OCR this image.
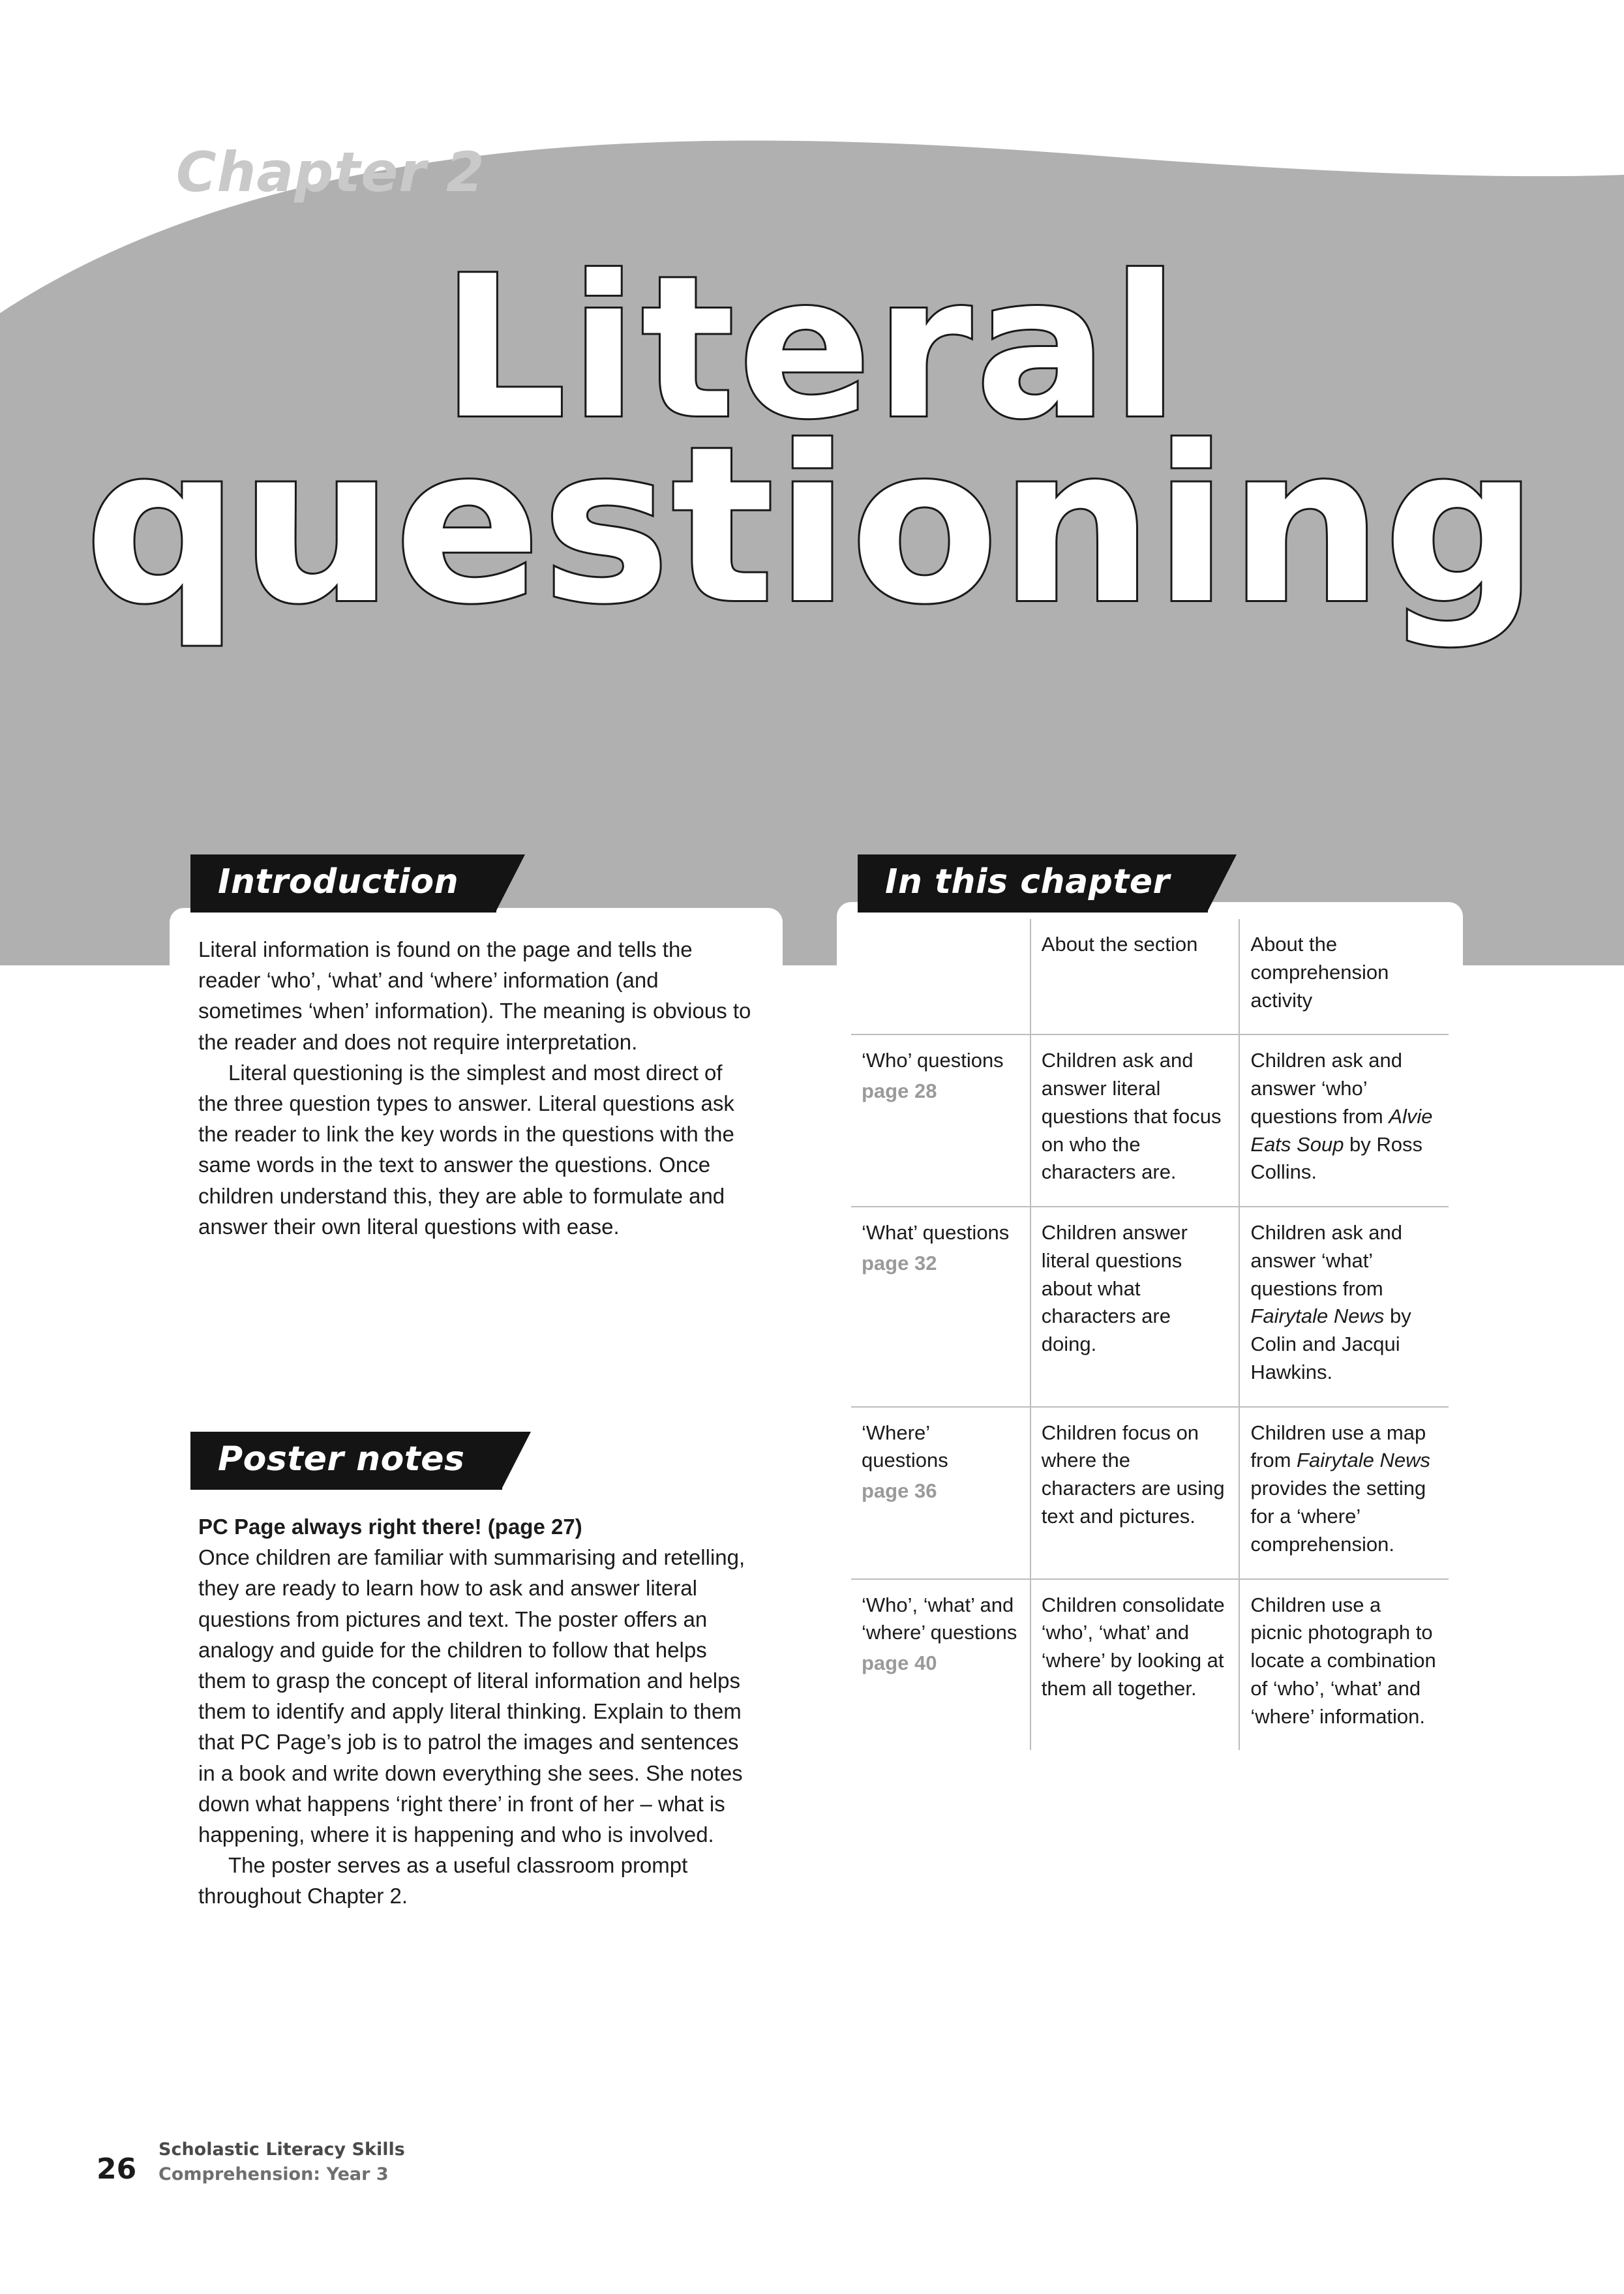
Chapter 2
Literal
questioning
Introduction

Literal information is found on the page and tells the reader ‘who’, ‘what’ and ‘where’ information (and sometimes ‘when’ information). The meaning is obvious to the reader and does not require interpretation.

Literal questioning is the simplest and most direct of the three question types to answer. Literal questions ask the reader to link the key words in the questions with the same words in the text to answer the questions. Once children understand this, they are able to formulate and answer their own literal questions with ease.

Poster notes

PC Page always right there! (page 27)

Once children are familiar with summarising and retelling, they are ready to learn how to ask and answer literal questions from pictures and text. The poster offers an analogy and guide for the children to follow that helps them to grasp the concept of literal information and helps them to identify and apply literal thinking. Explain to them that PC Page’s job is to patrol the images and sentences in a book and write down everything she sees. She notes down what happens ‘right there’ in front of her – what is happening, where it is happening and who is involved.

The poster serves as a useful classroom prompt throughout Chapter 2.

In this chapter
	About the section	About the comprehension activity
‘Who’ questions
page 28	Children ask and answer literal questions that focus on who the characters are.	Children ask and answer ‘who’ questions from Alvie Eats Soup by Ross Collins.
‘What’ questions
page 32	Children answer literal questions about what characters are doing.	Children ask and answer ‘what’ questions from Fairytale News by Colin and Jacqui Hawkins.
‘Where’ questions
page 36	Children focus on where the characters are using text and pictures.	Children use a map from Fairytale News provides the setting for a ‘where’ comprehension.
‘Who’, ‘what’ and ‘where’ questions
page 40	Children consolidate ‘who’, ‘what’ and ‘where’ by looking at them all together.	Children use a picnic photograph to locate a combination of ‘who’, ‘what’ and ‘where’ information.
26
Scholastic Literacy Skills
Comprehension: Year 3
